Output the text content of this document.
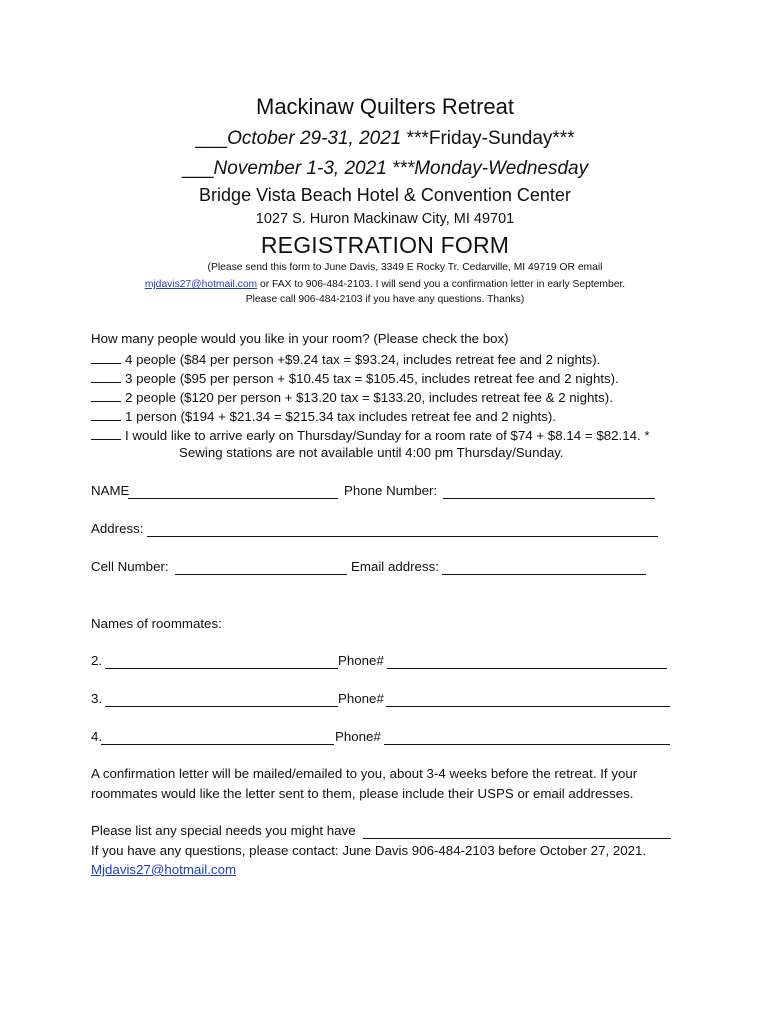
Mackinaw Quilters Retreat
___October 29-31, 2021 ***Friday-Sunday***
___November 1-3, 2021 ***Monday-Wednesday
Bridge Vista Beach Hotel & Convention Center
1027 S. Huron Mackinaw City, MI 49701
REGISTRATION FORM
(Please send this form to June Davis, 3349 E Rocky Tr. Cedarville, MI 49719 OR email
mjdavis27@hotmail.com or FAX to 906-484-2103. I will send you a confirmation letter in early September.
Please call 906-484-2103 if you have any questions. Thanks)
How many people would you like in your room? (Please check the box)
4 people ($84 per person +$9.24 tax = $93.24, includes retreat fee and 2 nights).
3 people ($95 per person + $10.45 tax = $105.45, includes retreat fee and 2 nights).
2 people ($120 per person + $13.20 tax = $133.20, includes retreat fee & 2 nights).
1 person ($194 + $21.34 = $215.34 tax includes retreat fee and 2 nights).
I would like to arrive early on Thursday/Sunday for a room rate of $74 + $8.14 = $82.14. *
Sewing stations are not available until 4:00 pm Thursday/Sunday.
NAME	Phone Number:
Address:
Cell Number:	Email address:
Names of roommates:
2.	Phone#
3.	Phone#
4.	Phone#
A confirmation letter will be mailed/emailed to you, about 3-4 weeks before the retreat. If your
roommates would like the letter sent to them, please include their USPS or email addresses.
Please list any special needs you might have
If you have any questions, please contact: June Davis 906-484-2103 before October 27, 2021.
Mjdavis27@hotmail.com
